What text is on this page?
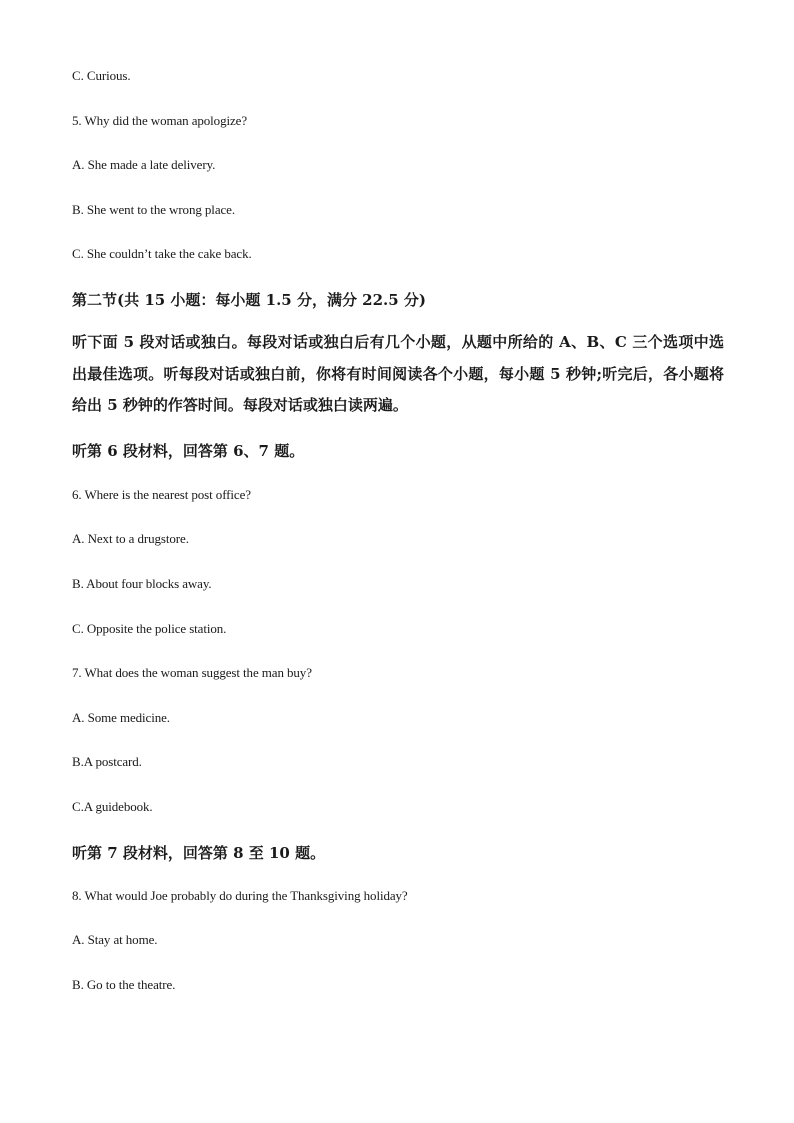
C. Curious.
5. Why did the woman apologize?
A. She made a late delivery.
B. She went to the wrong place.
C. She couldn’t take the cake back.
第二节(共 15 小题：每小题 1.5 分，满分 22.5 分)
听下面 5 段对话或独白。每段对话或独白后有几个小题，从题中所给的 A、B、C 三个选项中选出最佳选项。听每段对话或独白前，你将有时间阅读各个小题，每小题 5 秒钟;听完后，各小题将给出 5 秒钟的作答时间。每段对话或独白读两遍。
听第 6 段材料，回答第 6、7 题。
6. Where is the nearest post office?
A. Next to a drugstore.
B. About four blocks away.
C. Opposite the police station.
7. What does the woman suggest the man buy?
A. Some medicine.
B.A postcard.
C.A guidebook.
听第 7 段材料，回答第 8 至 10 题。
8. What would Joe probably do during the Thanksgiving holiday?
A. Stay at home.
B. Go to the theatre.
